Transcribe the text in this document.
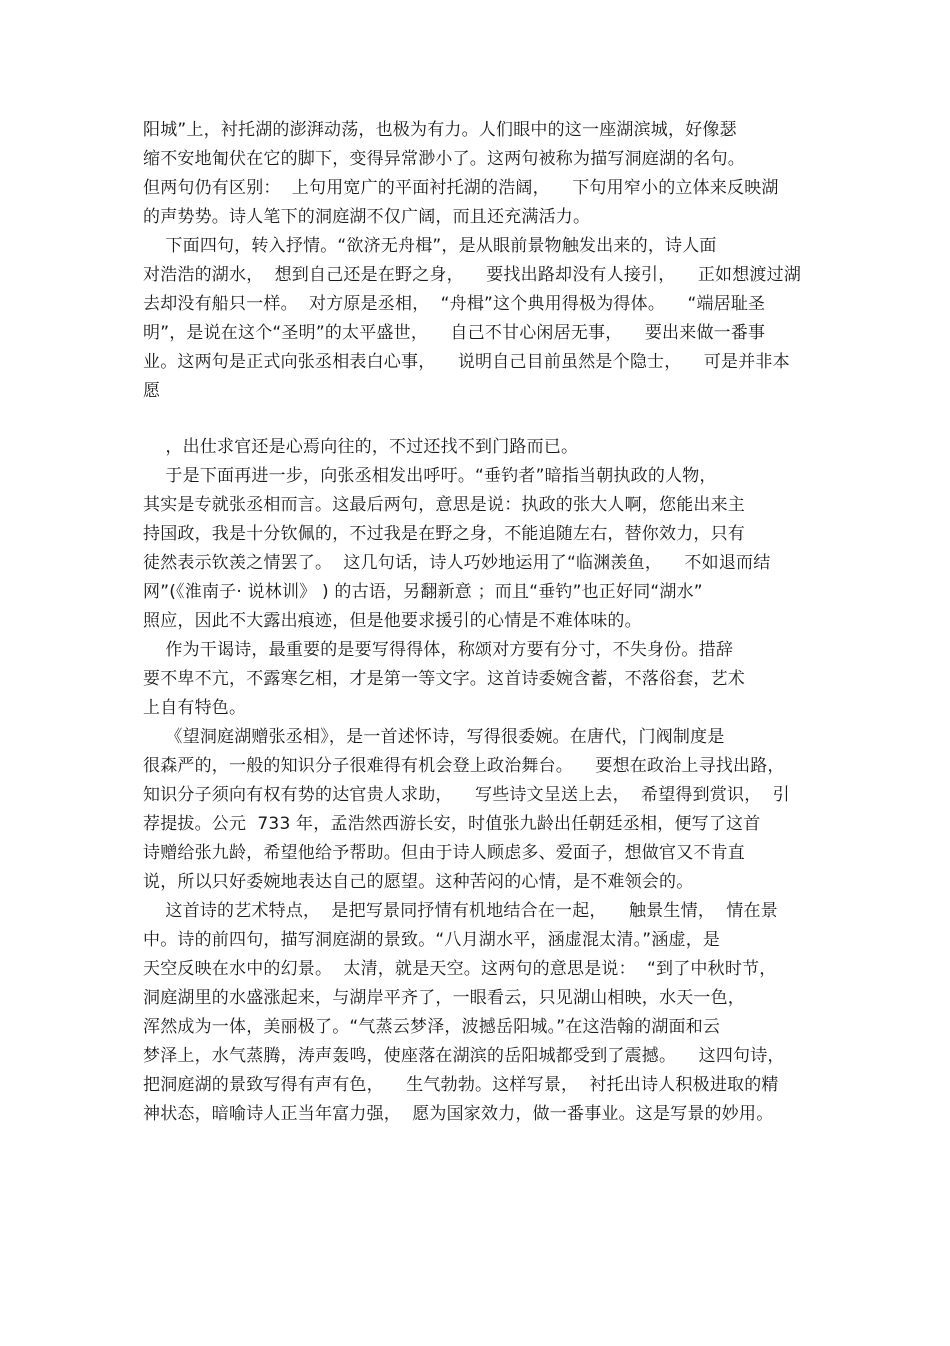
阳城”上，衬托湖的澎湃动荡，也极为有力。人们眼中的这一座湖滨城，好像瑟
缩不安地匍伏在它的脚下，变得异常渺小了。这两句被称为描写洞庭湖的名句。
但两句仍有区别：  上句用宽广的平面衬托湖的浩阔，    下句用窄小的立体来反映湖
的声势势。诗人笔下的洞庭湖不仅广阔，而且还充满活力。
下面四句，转入抒情。“欲济无舟楫”，是从眼前景物触发出来的，诗人面
对浩浩的湖水，  想到自己还是在野之身，    要找出路却没有人接引，    正如想渡过湖
去却没有船只一样。  对方原是丞相，  “舟楫”这个典用得极为得体。    “端居耻圣
明”，是说在这个“圣明”的太平盛世，    自己不甘心闲居无事，    要出来做一番事
业。这两句是正式向张丞相表白心事，    说明自己目前虽然是个隐士，    可是并非本
愿
，出仕求官还是心焉向往的，不过还找不到门路而已。
于是下面再进一步，向张丞相发出呼吁。“垂钓者”暗指当朝执政的人物，
其实是专就张丞相而言。这最后两句，意思是说：执政的张大人啊，您能出来主
持国政，我是十分钦佩的，不过我是在野之身，不能追随左右，替你效力，只有
徒然表示钦羡之情罢了。  这几句话，诗人巧妙地运用了“临渊羡鱼，    不如退而结
网”(《淮南子· 说林训》 ) 的古语，另翻新意 ；而且“垂钓”也正好同“湖水”
照应，因此不大露出痕迹，但是他要求援引的心情是不难体味的。
作为干谒诗，最重要的是要写得得体，称颂对方要有分寸，不失身份。措辞
要不卑不亢，不露寒乞相，才是第一等文字。这首诗委婉含蓄，不落俗套，艺术
上自有特色。
《望洞庭湖赠张丞相》，是一首述怀诗，写得很委婉。在唐代，门阀制度是
很森严的，一般的知识分子很难得有机会登上政治舞台。    要想在政治上寻找出路，
知识分子须向有权有势的达官贵人求助，    写些诗文呈送上去，  希望得到赏识，  引
荐提拔。公元  733 年，孟浩然西游长安，时值张九龄出任朝廷丞相，便写了这首
诗赠给张九龄，希望他给予帮助。但由于诗人顾虑多、爱面子，想做官又不肯直
说，所以只好委婉地表达自己的愿望。这种苦闷的心情，是不难领会的。
这首诗的艺术特点，  是把写景同抒情有机地结合在一起，    触景生情，  情在景
中。诗的前四句，描写洞庭湖的景致。“八月湖水平，涵虚混太清。”涵虚，是
天空反映在水中的幻景。  太清，就是天空。这两句的意思是说：  “到了中秋时节，
洞庭湖里的水盛涨起来，与湖岸平齐了，一眼看云，只见湖山相映，水天一色，
浑然成为一体，美丽极了。“气蒸云梦泽，波撼岳阳城。”在这浩翰的湖面和云
梦泽上，水气蒸腾，涛声轰鸣，使座落在湖滨的岳阳城都受到了震撼。    这四句诗，
把洞庭湖的景致写得有声有色，    生气勃勃。这样写景，  衬托出诗人积极进取的精
神状态，暗喻诗人正当年富力强，  愿为国家效力，做一番事业。这是写景的妙用。
